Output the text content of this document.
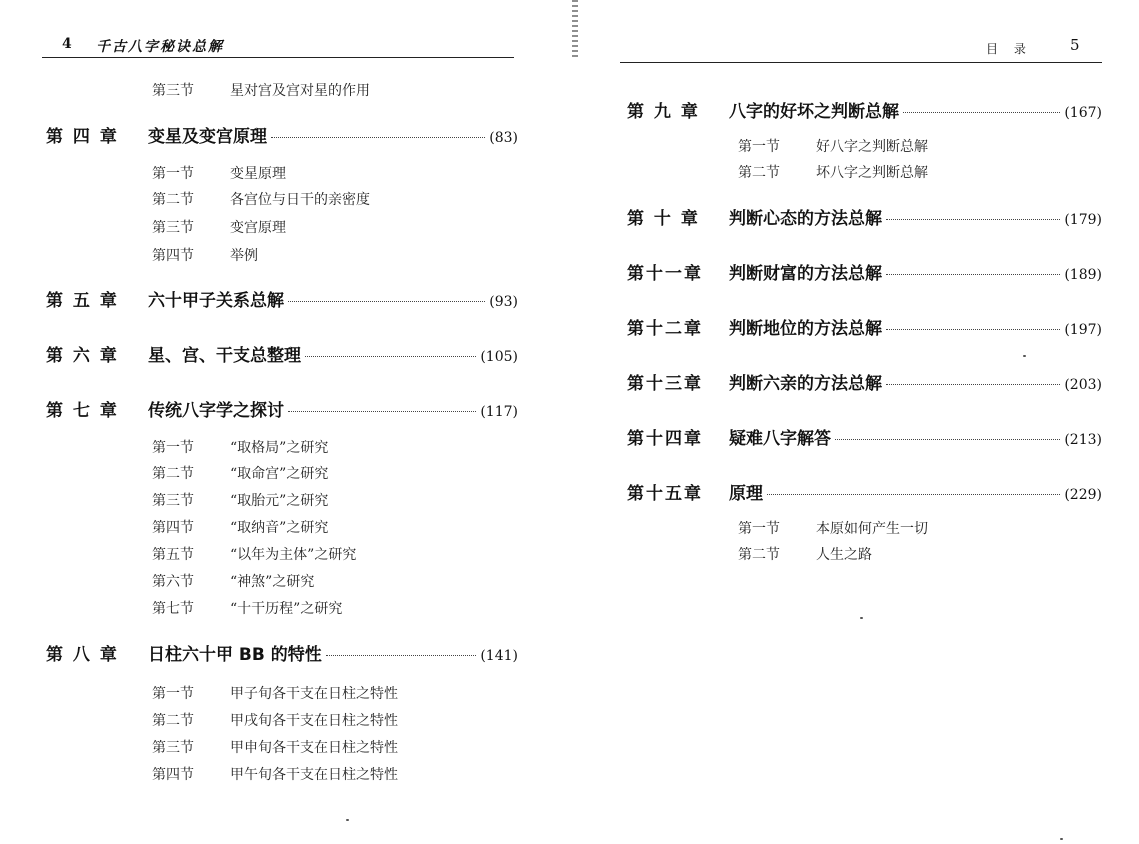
4 千古八字秘诀总解
第三节	星对宫及宫对星的作用
第 四 章	变星及变宫原理	(83)
第一节	变星原理
第二节	各宫位与日干的亲密度
第三节	变宫原理
第四节	举例
第 五 章	六十甲子关系总解	(93)
第 六 章	星、宫、干支总整理	(105)
第 七 章	传统八字学之探讨	(117)
第一节	“取格局”之研究
第二节	“取命宫”之研究
第三节	“取胎元”之研究
第四节	“取纳音”之研究
第五节	“以年为主体”之研究
第六节	“神煞”之研究
第七节	“十干历程”之研究
第 八 章	日柱六十甲 BB 的特性	(141)
第一节	甲子旬各干支在日柱之特性
第二节	甲戌旬各干支在日柱之特性
第三节	甲申旬各干支在日柱之特性
第四节	甲午旬各干支在日柱之特性
目 录	5
第 九 章	八字的好坏之判断总解	(167)
第一节	好八字之判断总解
第二节	坏八字之判断总解
第 十 章	判断心态的方法总解	(179)
第十一章	判断财富的方法总解	(189)
第十二章	判断地位的方法总解	(197)
第十三章	判断六亲的方法总解	(203)
第十四章	疑难八字解答	(213)
第十五章	原理	(229)
第一节	本原如何产生一切
第二节	人生之路
